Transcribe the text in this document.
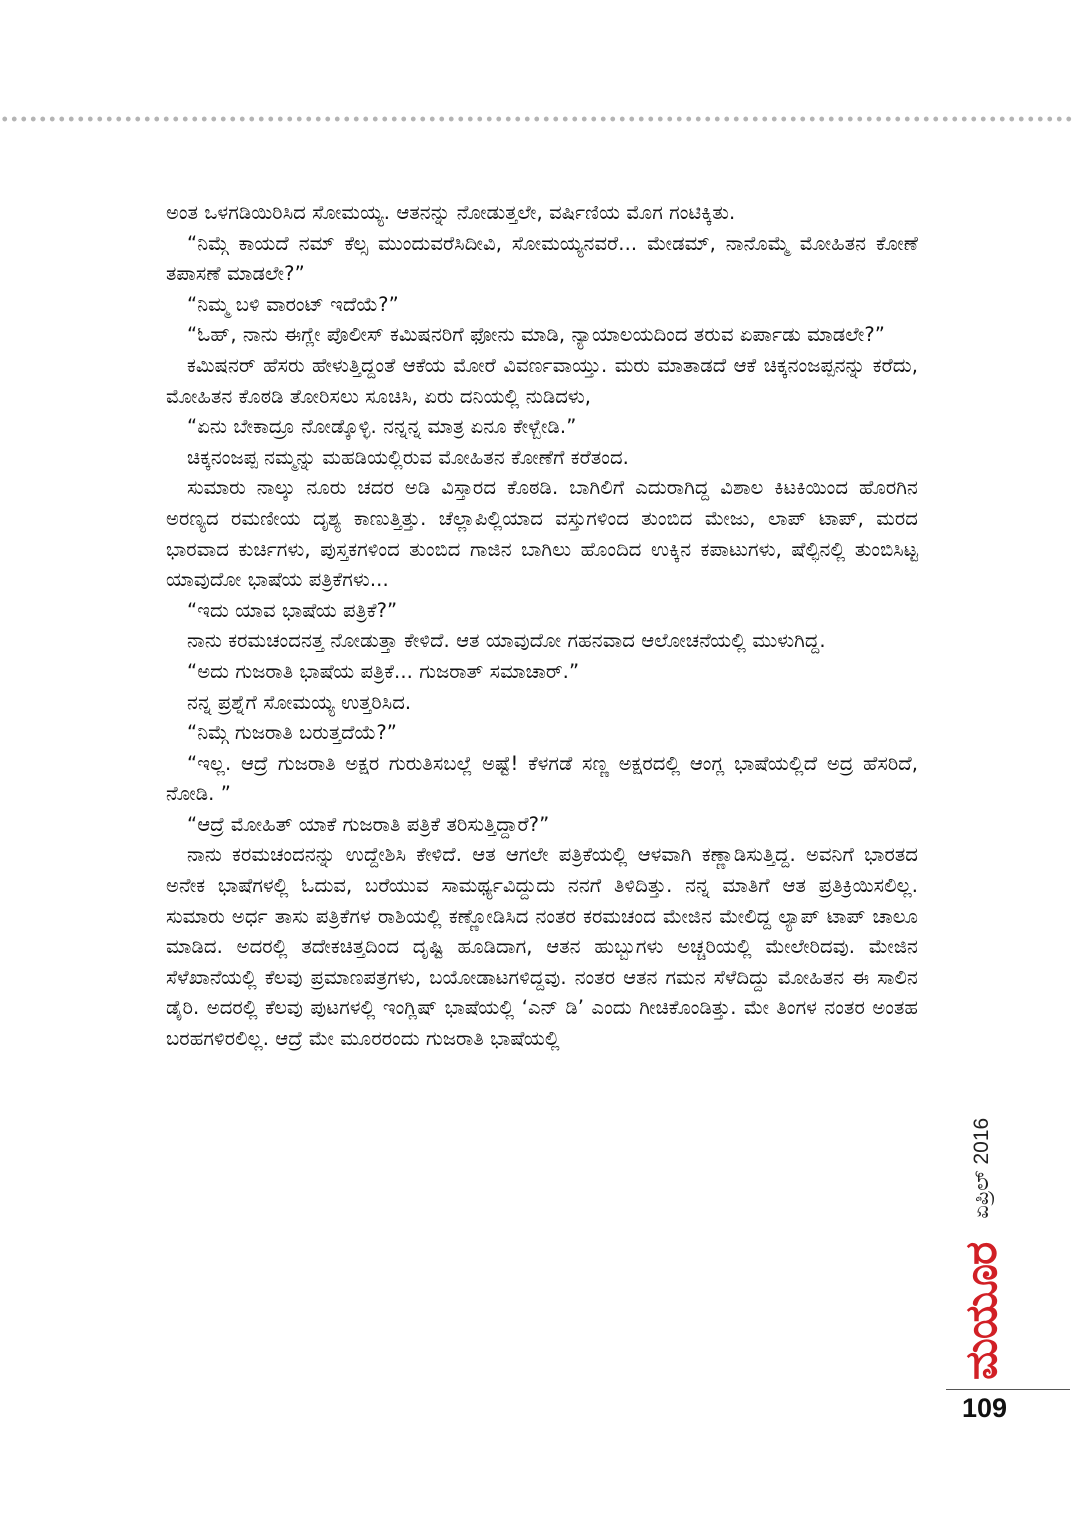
ಅಂತ ಒಳಗಡಿಯಿರಿಸಿದ ಸೋಮಯ್ಯ. ಆತನನ್ನು ನೋಡುತ್ತಲೇ, ವರ್ಷಿಣಿಯ ಮೊಗ ಗಂಟಿಕ್ಕಿತು.

“ನಿಮ್ಗೆ ಕಾಯದೆ ನಮ್ ಕೆಲ್ಸ ಮುಂದುವರೆಸಿದೀವಿ, ಸೋಮಯ್ಯನವರೆ... ಮೇಡಮ್, ನಾನೊಮ್ಮೆ ಮೋಹಿತನ ಕೋಣೆ ತಪಾಸಣೆ ಮಾಡಲೇ?”

“ನಿಮ್ಮ ಬಳಿ ವಾರಂಟ್ ಇದೆಯೆ?”

“ಓಹ್, ನಾನು ಈಗ್ಲೇ ಪೊಲೀಸ್ ಕಮಿಷನರಿಗೆ ಫೋನು ಮಾಡಿ, ನ್ಯಾಯಾಲಯದಿಂದ ತರುವ ಏರ್ಪಾಡು ಮಾಡಲೇ?”

ಕಮಿಷನರ್ ಹೆಸರು ಹೇಳುತ್ತಿದ್ದಂತೆ ಆಕೆಯ ಮೋರೆ ವಿವರ್ಣವಾಯ್ತು. ಮರು ಮಾತಾಡದೆ ಆಕೆ ಚಿಕ್ಕನಂಜಪ್ಪನನ್ನು ಕರೆದು, ಮೋಹಿತನ ಕೊಠಡಿ ತೋರಿಸಲು ಸೂಚಿಸಿ, ಏರು ದನಿಯಲ್ಲಿ ನುಡಿದಳು,

“ಏನು ಬೇಕಾದ್ರೂ ನೋಡ್ಕೊಳ್ಳಿ. ನನ್ನನ್ನ ಮಾತ್ರ ಏನೂ ಕೇಳ್ಬೇಡಿ.”

ಚಿಕ್ಕನಂಜಪ್ಪ ನಮ್ಮನ್ನು ಮಹಡಿಯಲ್ಲಿರುವ ಮೋಹಿತನ ಕೋಣೆಗೆ ಕರೆತಂದ.

ಸುಮಾರು ನಾಲ್ಕು ನೂರು ಚದರ ಅಡಿ ವಿಸ್ತಾರದ ಕೊಠಡಿ. ಬಾಗಿಲಿಗೆ ಎದುರಾಗಿದ್ದ ವಿಶಾಲ ಕಿಟಕಿಯಿಂದ ಹೊರಗಿನ ಅರಣ್ಯದ ರಮಣೀಯ ದೃಶ್ಯ ಕಾಣುತ್ತಿತ್ತು. ಚೆಲ್ಲಾಪಿಲ್ಲಿಯಾದ ವಸ್ತುಗಳಿಂದ ತುಂಬಿದ ಮೇಜು, ಲಾಪ್ ಟಾಪ್, ಮರದ ಭಾರವಾದ ಕುರ್ಚಿಗಳು, ಪುಸ್ತಕಗಳಿಂದ ತುಂಬಿದ ಗಾಜಿನ ಬಾಗಿಲು ಹೊಂದಿದ ಉಕ್ಕಿನ ಕಪಾಟುಗಳು, ಷೆಲ್ಫಿನಲ್ಲಿ ತುಂಬಿಸಿಟ್ಟ ಯಾವುದೋ ಭಾಷೆಯ ಪತ್ರಿಕೆಗಳು...

“ಇದು ಯಾವ ಭಾಷೆಯ ಪತ್ರಿಕೆ?”

ನಾನು ಕರಮಚಂದನತ್ತ ನೋಡುತ್ತಾ ಕೇಳಿದೆ. ಆತ ಯಾವುದೋ ಗಹನವಾದ ಆಲೋಚನೆಯಲ್ಲಿ ಮುಳುಗಿದ್ದ.

“ಅದು ಗುಜರಾತಿ ಭಾಷೆಯ ಪತ್ರಿಕೆ... ಗುಜರಾತ್ ಸಮಾಚಾರ್.”

ನನ್ನ ಪ್ರಶ್ನೆಗೆ ಸೋಮಯ್ಯ ಉತ್ತರಿಸಿದ.

“ನಿಮ್ಗೆ ಗುಜರಾತಿ ಬರುತ್ತದೆಯೆ?”

“ಇಲ್ಲ. ಆದ್ರೆ ಗುಜರಾತಿ ಅಕ್ಷರ ಗುರುತಿಸಬಲ್ಲೆ ಅಷ್ಟೆ! ಕೆಳಗಡೆ ಸಣ್ಣ ಅಕ್ಷರದಲ್ಲಿ ಆಂಗ್ಲ ಭಾಷೆಯಲ್ಲಿದೆ ಅದ್ರ ಹೆಸರಿದೆ, ನೋಡಿ. ”

“ಆದ್ರೆ ಮೋಹಿತ್ ಯಾಕೆ ಗುಜರಾತಿ ಪತ್ರಿಕೆ ತರಿಸುತ್ತಿದ್ದಾರೆ?”

ನಾನು ಕರಮಚಂದನನ್ನು ಉದ್ದೇಶಿಸಿ ಕೇಳಿದೆ. ಆತ ಆಗಲೇ ಪತ್ರಿಕೆಯಲ್ಲಿ ಆಳವಾಗಿ ಕಣ್ಣಾಡಿಸುತ್ತಿದ್ದ. ಅವನಿಗೆ ಭಾರತದ ಅನೇಕ ಭಾಷೆಗಳಲ್ಲಿ ಓದುವ, ಬರೆಯುವ ಸಾಮರ್ಥ್ಯವಿದ್ದುದು ನನಗೆ ತಿಳಿದಿತ್ತು. ನನ್ನ ಮಾತಿಗೆ ಆತ ಪ್ರತಿಕ್ರಿಯಿಸಲಿಲ್ಲ. ಸುಮಾರು ಅರ್ಧ ತಾಸು ಪತ್ರಿಕೆಗಳ ರಾಶಿಯಲ್ಲಿ ಕಣ್ಣೋಡಿಸಿದ ನಂತರ ಕರಮಚಂದ ಮೇಜಿನ ಮೇಲಿದ್ದ ಲ್ಯಾಪ್ ಟಾಪ್ ಚಾಲೂ ಮಾಡಿದ. ಅದರಲ್ಲಿ ತದೇಕಚಿತ್ತದಿಂದ ದೃಷ್ಟಿ ಹೂಡಿದಾಗ, ಆತನ ಹುಬ್ಬುಗಳು ಅಚ್ಚರಿಯಲ್ಲಿ ಮೇಲೇರಿದವು. ಮೇಜಿನ ಸೆಳೆಖಾನೆಯಲ್ಲಿ ಕೆಲವು ಪ್ರಮಾಣಪತ್ರಗಳು, ಬಯೋಡಾಟಗಳಿದ್ದವು. ನಂತರ ಆತನ ಗಮನ ಸೆಳೆದಿದ್ದು ಮೋಹಿತನ ಈ ಸಾಲಿನ ಡೈರಿ. ಅದರಲ್ಲಿ ಕೆಲವು ಪುಟಗಳಲ್ಲಿ ಇಂಗ್ಲಿಷ್ ಭಾಷೆಯಲ್ಲಿ ‘ಎನ್ ಡಿ’ ಎಂದು ಗೀಚಿಕೊಂಡಿತ್ತು. ಮೇ ತಿಂಗಳ ನಂತರ ಅಂತಹ ಬರಹಗಳಿರಲಿಲ್ಲ. ಆದ್ರೆ ಮೇ ಮೂರರಂದು ಗುಜರಾತಿ ಭಾಷೆಯಲ್ಲಿ

ಮಯೂರ
ಏಪ್ರಿಲ್ 2016
109
